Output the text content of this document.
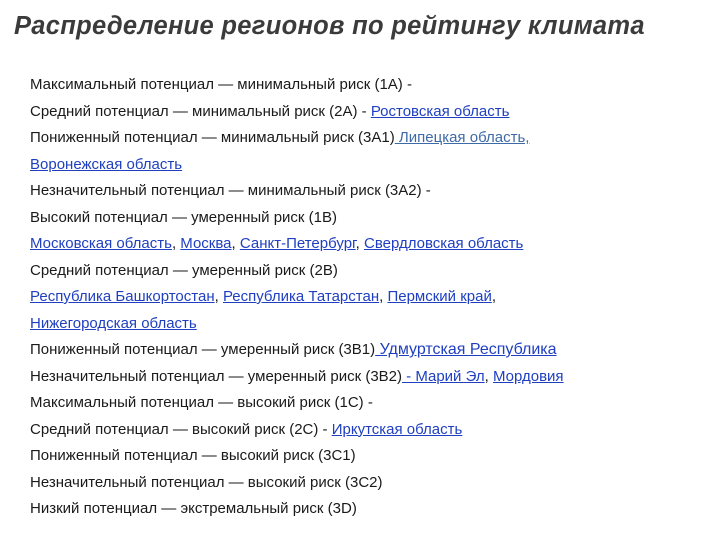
Распределение регионов по рейтингу климата
Максимальный потенциал — минимальный риск (1А) -
Средний потенциал — минимальный риск (2А) - Ростовская область
Пониженный потенциал — минимальный риск (3А1) Липецкая область,
Воронежская область
Незначительный потенциал — минимальный риск (3А2) -
Высокий потенциал — умеренный риск (1В)
Московская область, Москва, Санкт-Петербург, Свердловская область
Средний потенциал — умеренный риск (2В)
Республика Башкортостан, Республика Татарстан, Пермский край,
Нижегородская область
Пониженный потенциал — умеренный риск (3В1) Удмуртская Республика
Незначительный потенциал — умеренный риск (3В2) - Марий Эл, Мордовия
Максимальный потенциал — высокий риск (1С) -
Средний потенциал — высокий риск (2С) - Иркутская область
Пониженный потенциал — высокий риск (3С1)
Незначительный потенциал — высокий риск (3С2)
Низкий потенциал — экстремальный риск (3D)
